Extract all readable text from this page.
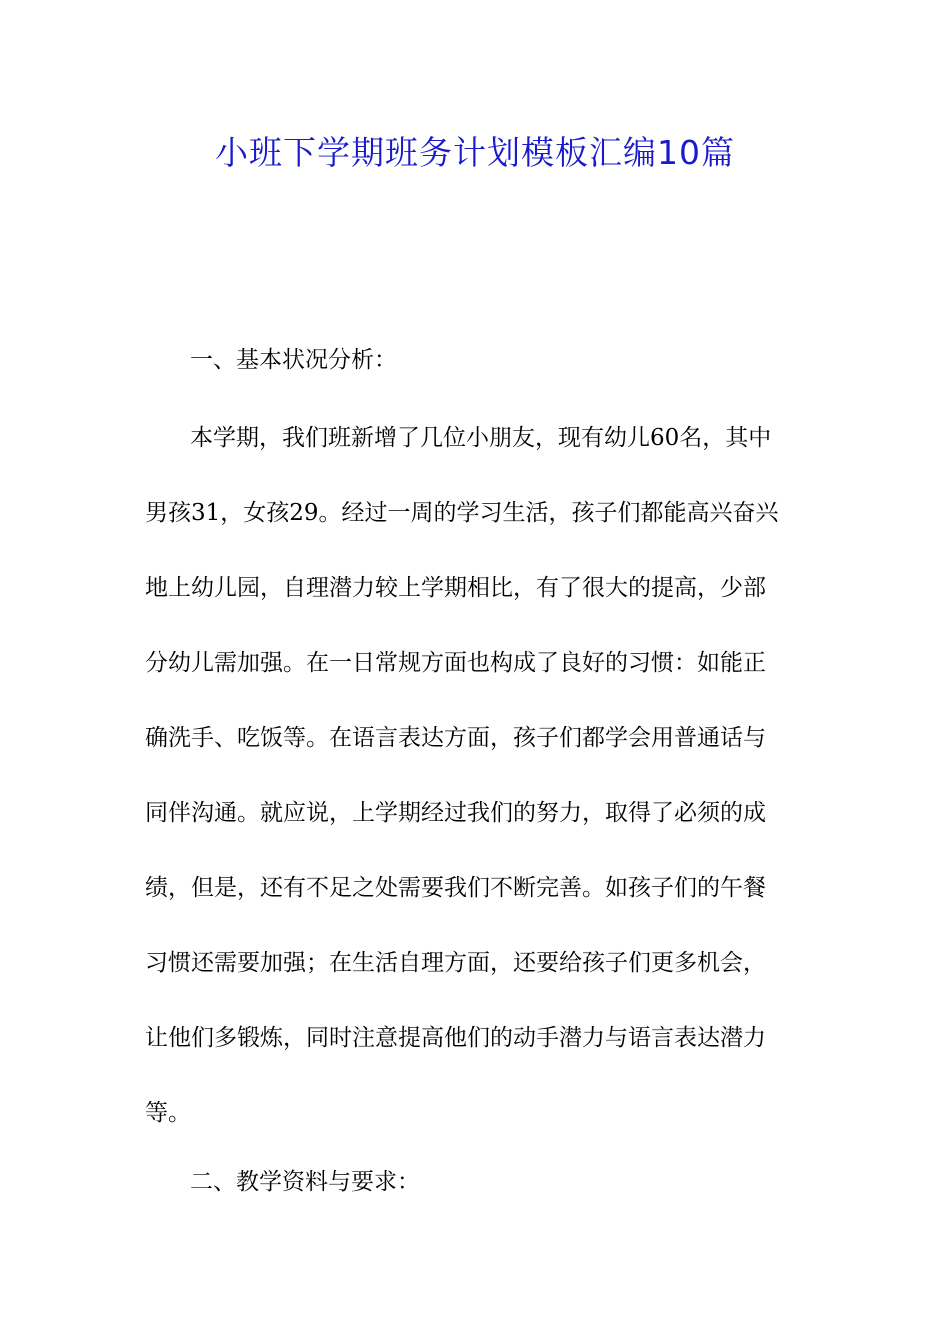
小班下学期班务计划模板汇编10篇

一、基本状况分析：

本学期，我们班新增了几位小朋友，现有幼儿60名，其中
男孩31，女孩29。经过一周的学习生活，孩子们都能高兴奋兴
地上幼儿园，自理潜力较上学期相比，有了很大的提高，少部
分幼儿需加强。在一日常规方面也构成了良好的习惯：如能正
确洗手、吃饭等。在语言表达方面，孩子们都学会用普通话与
同伴沟通。就应说，上学期经过我们的努力，取得了必须的成
绩，但是，还有不足之处需要我们不断完善。如孩子们的午餐
习惯还需要加强；在生活自理方面，还要给孩子们更多机会，
让他们多锻炼，同时注意提高他们的动手潜力与语言表达潜力
等。

二、教学资料与要求：
